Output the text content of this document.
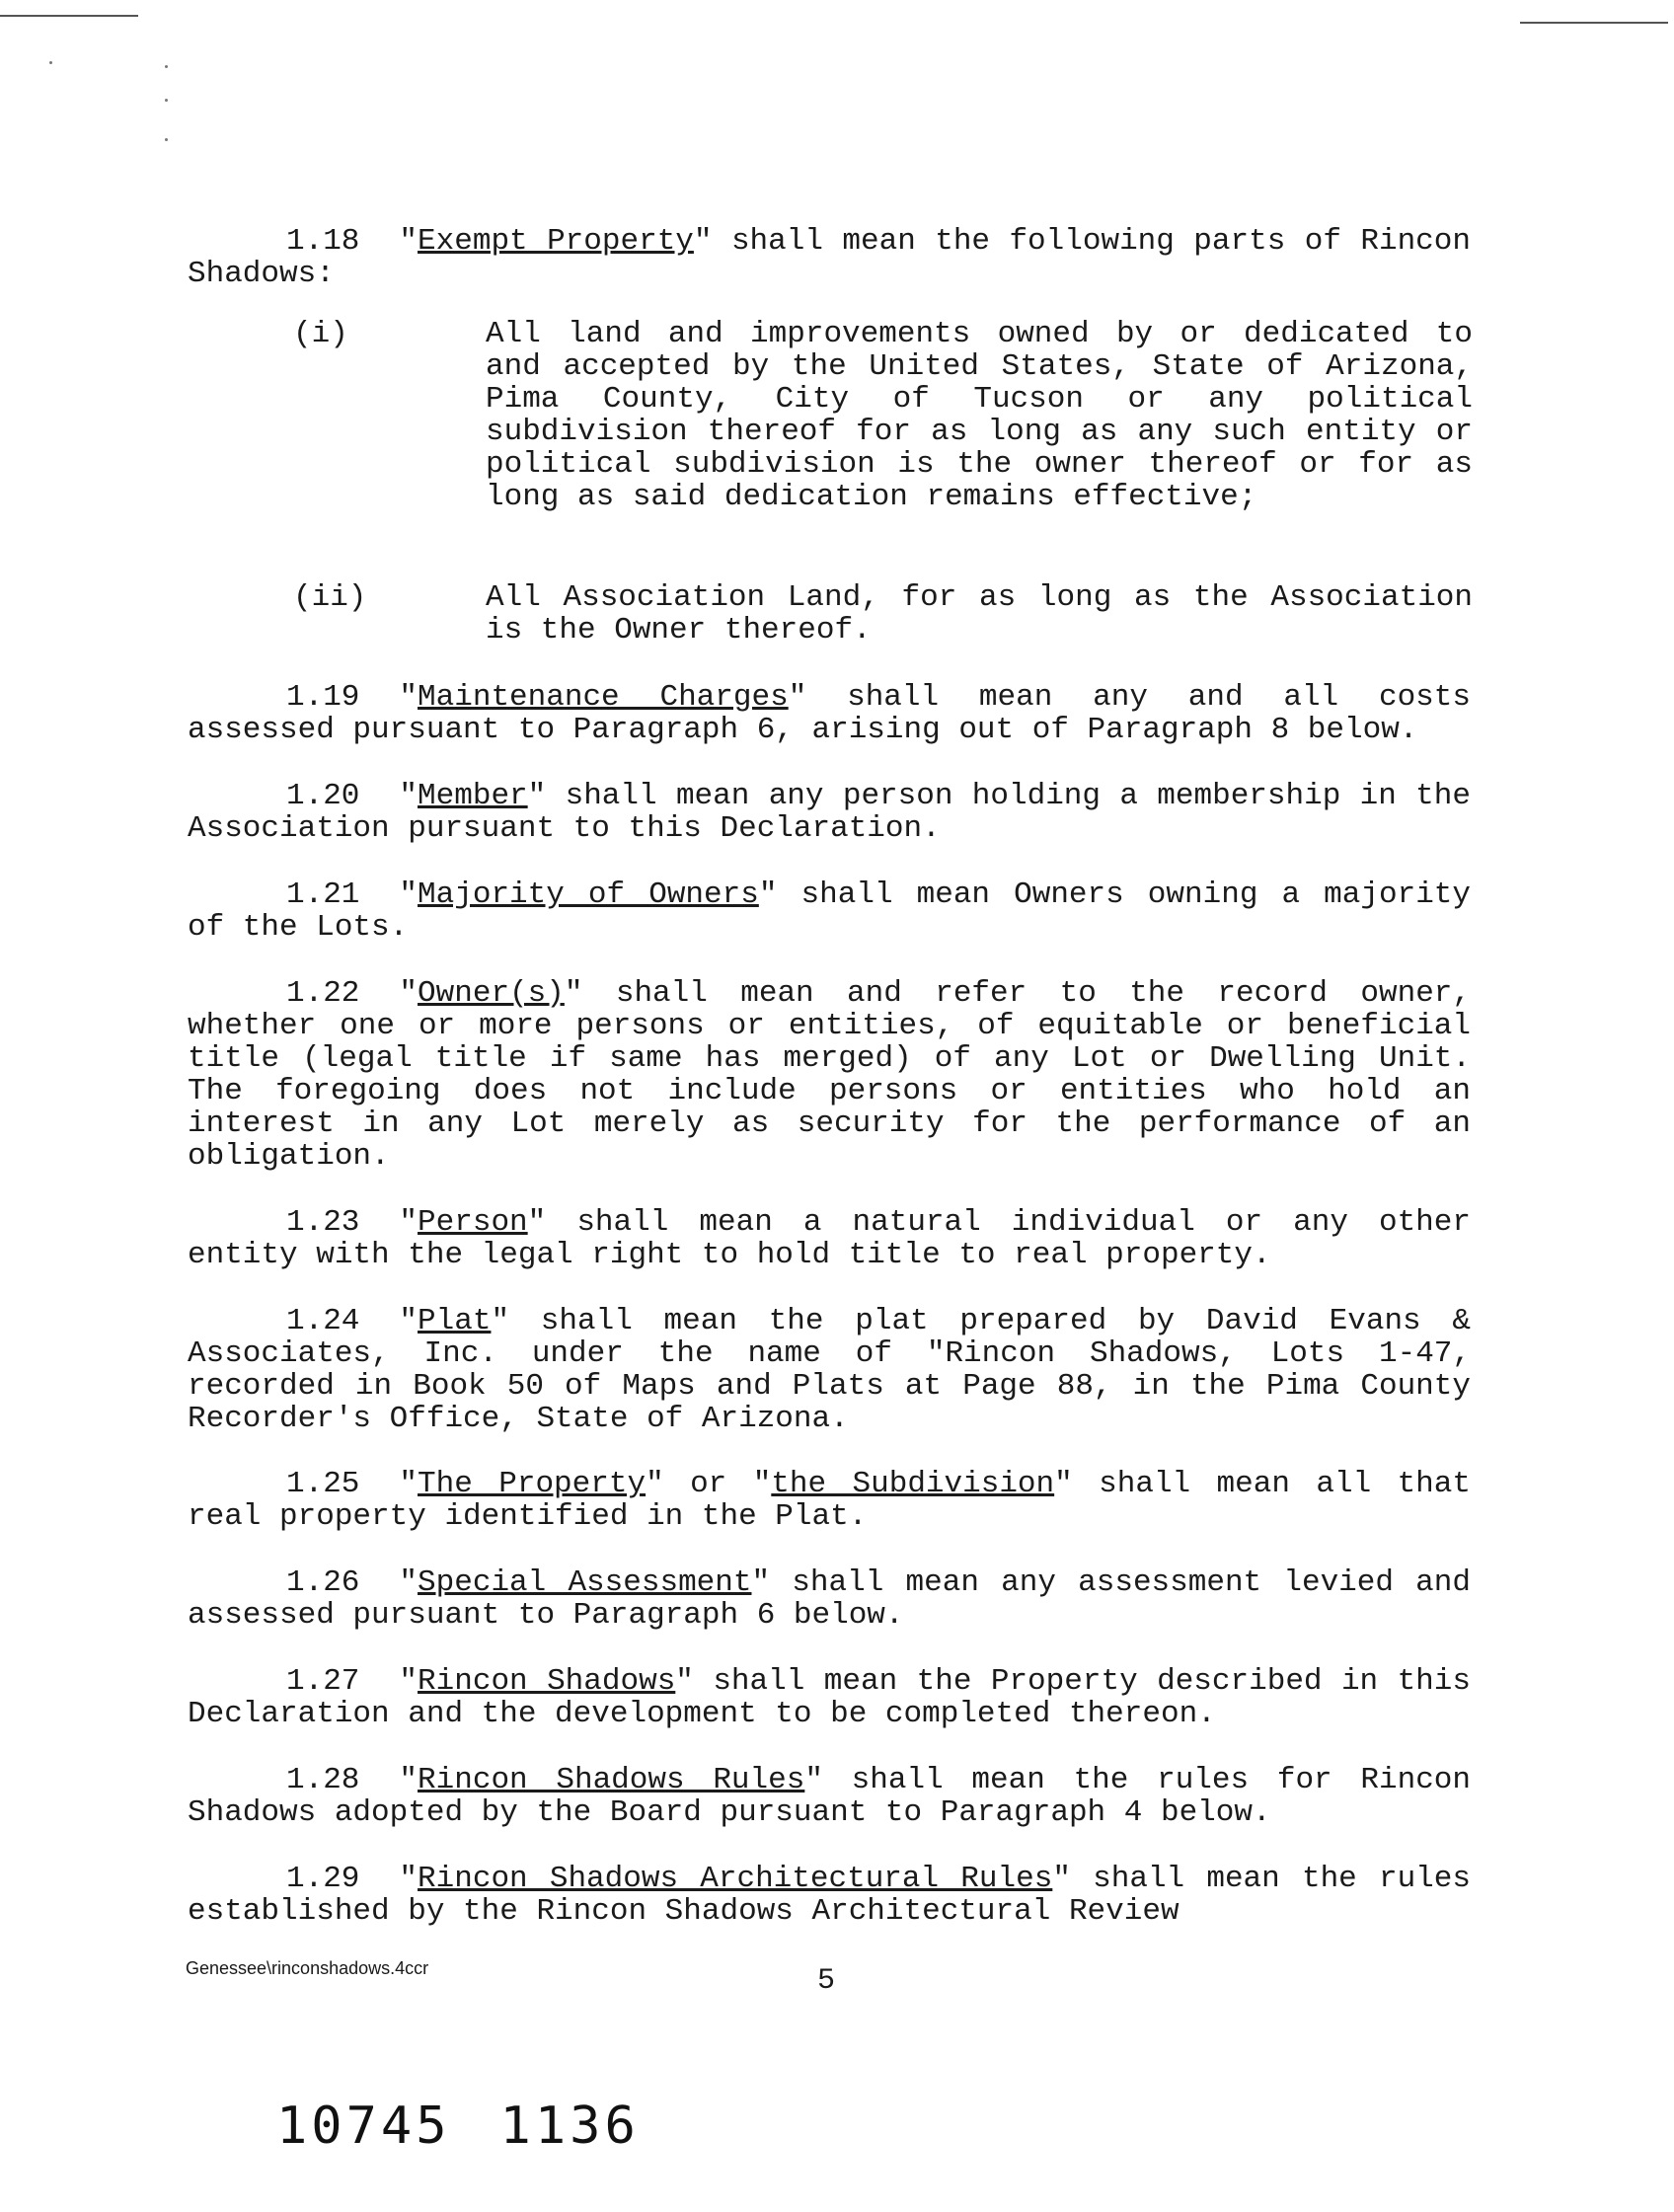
1.18 "Exempt Property" shall mean the following parts of Rincon Shadows:
(i)	All land and improvements owned by or dedicated to and accepted by the United States, State of Arizona, Pima County, City of Tucson or any political subdivision thereof for as long as any such entity or political subdivision is the owner thereof or for as long as said dedication remains effective;
(ii)	All Association Land, for as long as the Association is the Owner thereof.
1.19 "Maintenance Charges" shall mean any and all costs assessed pursuant to Paragraph 6, arising out of Paragraph 8 below.
1.20 "Member" shall mean any person holding a membership in the Association pursuant to this Declaration.
1.21 "Majority of Owners" shall mean Owners owning a majority of the Lots.
1.22 "Owner(s)" shall mean and refer to the record owner, whether one or more persons or entities, of equitable or beneficial title (legal title if same has merged) of any Lot or Dwelling Unit. The foregoing does not include persons or entities who hold an interest in any Lot merely as security for the performance of an obligation.
1.23 "Person" shall mean a natural individual or any other entity with the legal right to hold title to real property.
1.24 "Plat" shall mean the plat prepared by David Evans & Associates, Inc. under the name of "Rincon Shadows, Lots 1-47, recorded in Book 50 of Maps and Plats at Page 88, in the Pima County Recorder's Office, State of Arizona.
1.25 "The Property" or "the Subdivision" shall mean all that real property identified in the Plat.
1.26 "Special Assessment" shall mean any assessment levied and assessed pursuant to Paragraph 6 below.
1.27 "Rincon Shadows" shall mean the Property described in this Declaration and the development to be completed thereon.
1.28 "Rincon Shadows Rules" shall mean the rules for Rincon Shadows adopted by the Board pursuant to Paragraph 4 below.
1.29 "Rincon Shadows Architectural Rules" shall mean the rules established by the Rincon Shadows Architectural Review
Genessee\rinconshadows.4ccr	5
10745 1136
